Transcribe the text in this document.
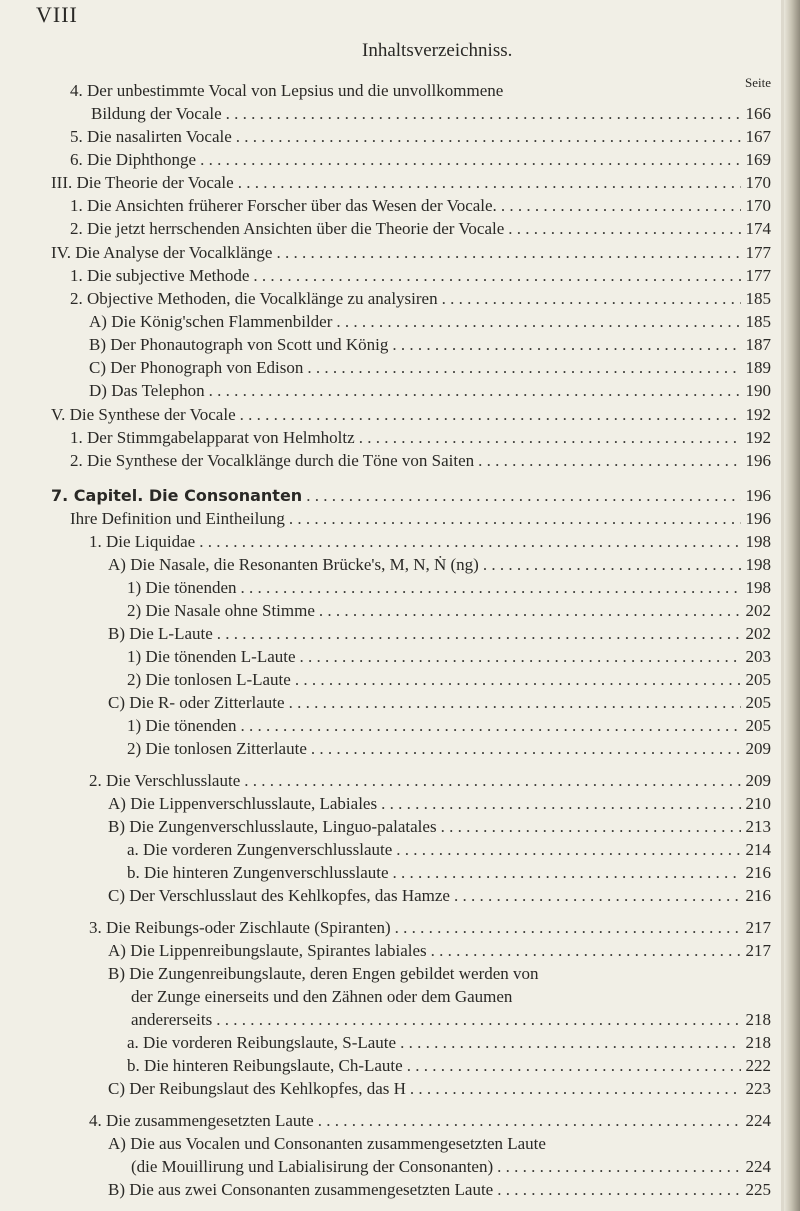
VIII
Inhaltsverzeichniss.
Seite
4. Der unbestimmte Vocal von Lepsius und die unvollkommene
Bildung der Vocale . . .	166
5. Die nasalirten Vocale . . .	167
6. Die Diphthonge . . .	169
III. Die Theorie der Vocale . . .	170
1. Die Ansichten früherer Forscher über das Wesen der Vocale. . . .	170
2. Die jetzt herrschenden Ansichten über die Theorie der Vocale . . .	174
IV. Die Analyse der Vocalklänge . . .	177
1. Die subjective Methode . . .	177
2. Objective Methoden, die Vocalklänge zu analysiren . . .	185
A) Die König'schen Flammenbilder . . .	185
B) Der Phonautograph von Scott und König . . .	187
C) Der Phonograph von Edison . . .	189
D) Das Telephon . . .	190
V. Die Synthese der Vocale . . .	192
1. Der Stimmgabelapparat von Helmholtz . . .	192
2. Die Synthese der Vocalklänge durch die Töne von Saiten . . .	196
7. Capitel. Die Consonanten . . .	196
Ihre Definition und Eintheilung . . .	196
1. Die Liquidae . . .	198
A) Die Nasale, die Resonanten Brücke's, M, N, Ṅ (ng) . . .	198
1) Die tönenden . . .	198
2) Die Nasale ohne Stimme . . .	202
B) Die L-Laute . . .	202
1) Die tönenden L-Laute . . .	203
2) Die tonlosen L-Laute . . .	205
C) Die R- oder Zitterlaute . . .	205
1) Die tönenden . . .	205
2) Die tonlosen Zitterlaute . . .	209
2. Die Verschlusslaute . . .	209
A) Die Lippenverschlusslaute, Labiales . . .	210
B) Die Zungenverschlusslaute, Linguo-palatales . . .	213
a. Die vorderen Zungenverschlusslaute . . .	214
b. Die hinteren Zungenverschlusslaute . . .	216
C) Der Verschlusslaut des Kehlkopfes, das Hamze . . .	216
3. Die Reibungs-oder Zischlaute (Spiranten) . . .	217
A) Die Lippenreibungslaute, Spirantes labiales . . .	217
B) Die Zungenreibungslaute, deren Engen gebildet werden von
der Zunge einerseits und den Zähnen oder dem Gaumen
andererseits . . .	218
a. Die vorderen Reibungslaute, S-Laute . . .	218
b. Die hinteren Reibungslaute, Ch-Laute . . .	222
C) Der Reibungslaut des Kehlkopfes, das H . . .	223
4. Die zusammengesetzten Laute . . .	224
A) Die aus Vocalen und Consonanten zusammengesetzten Laute
(die Mouillirung und Labialisirung der Consonanten) . . .	224
B) Die aus zwei Consonanten zusammengesetzten Laute . . .	225
